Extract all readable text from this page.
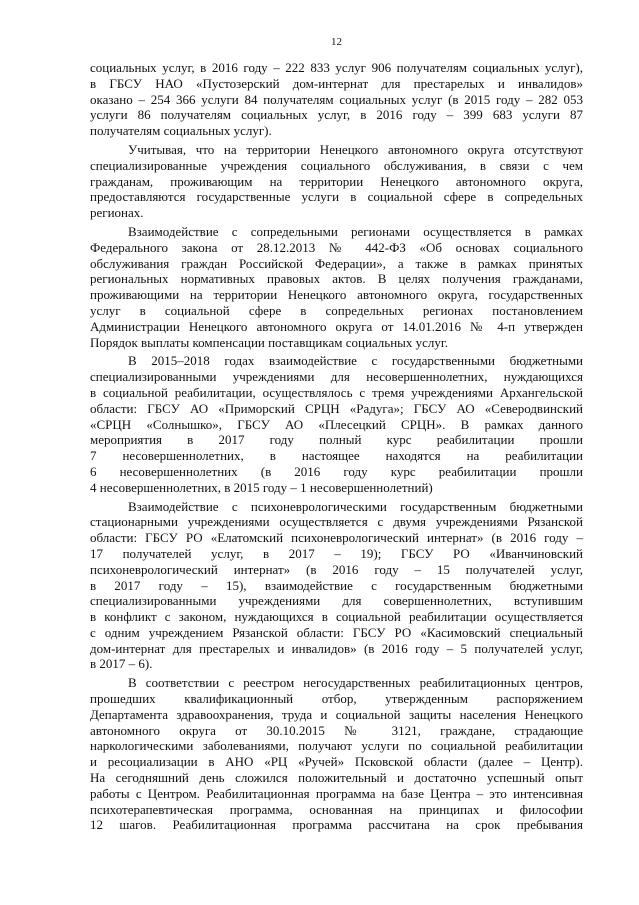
12
социальных услуг, в 2016 году – 222 833 услуг 906 получателям социальных услуг),
в ГБСУ НАО «Пустозерский дом-интернат для престарелых и инвалидов»
оказано – 254 366 услуги 84 получателям социальных услуг (в 2015 году – 282 053
услуги 86 получателям социальных услуг, в 2016 году – 399 683 услуги 87
получателям социальных услуг).
Учитывая, что на территории Ненецкого автономного округа отсутствуют
специализированные учреждения социального обслуживания, в связи с чем
гражданам, проживающим на территории Ненецкого автономного округа,
предоставляются государственные услуги в социальной сфере в сопредельных
регионах.
Взаимодействие с сопредельными регионами осуществляется в рамках
Федерального закона от 28.12.2013 № 442-ФЗ «Об основах социального
обслуживания граждан Российской Федерации», а также в рамках принятых
региональных нормативных правовых актов. В целях получения гражданами,
проживающими на территории Ненецкого автономного округа, государственных
услуг в социальной сфере в сопредельных регионах постановлением
Администрации Ненецкого автономного округа от 14.01.2016 № 4-п утвержден
Порядок выплаты компенсации поставщикам социальных услуг.
В 2015–2018 годах взаимодействие с государственными бюджетными
специализированными учреждениями для несовершеннолетних, нуждающихся
в социальной реабилитации, осуществлялось с тремя учреждениями Архангельской
области: ГБСУ АО «Приморский СРЦН «Радуга»; ГБСУ АО «Северодвинский
«СРЦН «Солнышко», ГБСУ АО «Плесецкий СРЦН». В рамках данного
мероприятия в 2017 году полный курс реабилитации прошли
7 несовершеннолетних, в настоящее находятся на реабилитации
6 несовершеннолетних (в 2016 году курс реабилитации прошли
4 несовершеннолетних, в 2015 году – 1 несовершеннолетний)
Взаимодействие с психоневрологическими государственным бюджетными
стационарными учреждениями осуществляется с двумя учреждениями Рязанской
области: ГБСУ РО «Елатомский психоневрологический интернат» (в 2016 году –
17 получателей услуг, в 2017 – 19); ГБСУ РО «Иванчиновский
психоневрологический интернат» (в 2016 году – 15 получателей услуг,
в 2017 году – 15), взаимодействие с государственным бюджетными
специализированными учреждениями для совершеннолетних, вступившим
в конфликт с законом, нуждающихся в социальной реабилитации осуществляется
с одним учреждением Рязанской области: ГБСУ РО «Касимовский специальный
дом-интернат для престарелых и инвалидов» (в 2016 году – 5 получателей услуг,
в 2017 – 6).
В соответствии с реестром негосударственных реабилитационных центров,
прошедших квалификационный отбор, утвержденным распоряжением
Департамента здравоохранения, труда и социальной защиты населения Ненецкого
автономного округа от 30.10.2015 № 3121, граждане, страдающие
наркологическими заболеваниями, получают услуги по социальной реабилитации
и ресоциализации в АНО «РЦ «Ручей» Псковской области (далее – Центр).
На сегодняшний день сложился положительный и достаточно успешный опыт
работы с Центром. Реабилитационная программа на базе Центра – это интенсивная
психотерапевтическая программа, основанная на принципах и философии
12 шагов. Реабилитационная программа рассчитана на срок пребывания
